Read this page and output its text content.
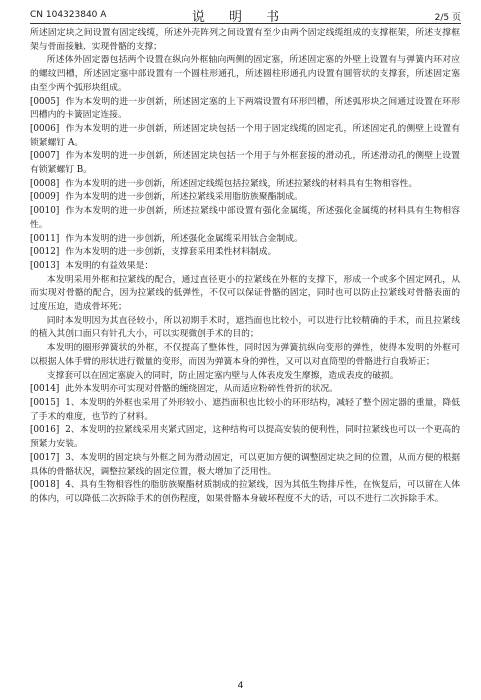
CN 104323840 A	说 明 书	2/5 页

所述固定块之间设置有固定线缆，所述外壳阵列之间设置有至少由两个固定线缆组成的支撑框架，所述支撑框架与骨面接触、实现骨骼的支撑；

所述体外固定器包括两个设置在纵向外框轴向两侧的固定塞，所述固定塞的外壁上设置有与弹簧内环对应的螺纹凹槽，所述固定塞中部设置有一个圆柱形通孔，所述圆柱形通孔内设置有圆管状的支撑套，所述固定塞由至少两个弧形块组成。

[0005] 作为本发明的进一步创新，所述固定塞的上下两端设置有环形凹槽，所述弧形块之间通过设置在环形凹槽内的卡簧固定连接。

[0006] 作为本发明的进一步创新，所述固定块包括一个用于固定线缆的固定孔，所述固定孔的侧壁上设置有锁紧螺钉 A。

[0007] 作为本发明的进一步创新，所述固定块包括一个用于与外框套接的滑动孔，所述滑动孔的侧壁上设置有锁紧螺钉 B。

[0008] 作为本发明的进一步创新，所述固定线缆包括拉紧线，所述拉紧线的材料具有生物相容性。

[0009] 作为本发明的进一步创新，所述拉紧线采用脂肪族聚酯制成。

[0010] 作为本发明的进一步创新，所述拉紧线中部设置有强化金属缆，所述强化金属缆的材料具有生物相容性。

[0011] 作为本发明的进一步创新，所述强化金属缆采用钛合金制成。

[0012] 作为本发明的进一步创新，支撑套采用柔性材料制成。

[0013] 本发明的有益效果是：

本发明采用外框和拉紧线的配合，通过直径更小的拉紧线在外框的支撑下，形成一个或多个固定网孔，从而实现对骨骼的配合，因为拉紧线的低弹性，不仅可以保证骨骼的固定，同时也可以防止拉紧线对骨骼表面的过度压迫，造成骨坏死；

同时本发明因为其直径较小，所以初期手术时，遮挡面也比较小，可以进行比较精确的手术，而且拉紧线的植入其创口面只有针孔大小，可以实现微创手术的目的；

本发明的圈形弹簧状的外框，不仅提高了整体性，同时因为弹簧抗纵向变形的弹性，使得本发明的外框可以根据人体手臂的形状进行微量的变形，而因为弹簧本身的弹性，又可以对直筒型的骨骼进行自我矫正；

支撑套可以在固定塞旋入的同时，防止固定塞内壁与人体表皮发生摩擦，造成表皮的破损。

[0014] 此外本发明亦可实现对骨骼的缠绕固定，从而适应粉碎性骨折的状况。

[0015] 1、本发明的外框也采用了外形较小、遮挡面积也比较小的环形结构，减轻了整个固定器的重量，降低了手术的难度，也节约了材料。

[0016] 2、本发明的拉紧线采用夹紧式固定，这种结构可以提高安装的便利性，同时拉紧线也可以一个更高的预紧力安装。

[0017] 3、本发明的固定块与外框之间为滑动固定，可以更加方便的调整固定块之间的位置，从而方便的根据具体的骨骼状况，调整拉紧线的固定位置，极大增加了泛用性。

[0018] 4、具有生物相容性的脂肪族聚酯材质制成的拉紧线，因为其低生物排斥性，在恢复后，可以留在人体的体内，可以降低二次拆除手术的创伤程度，如果骨骼本身破坏程度不大的话，可以不进行二次拆除手术。

4
